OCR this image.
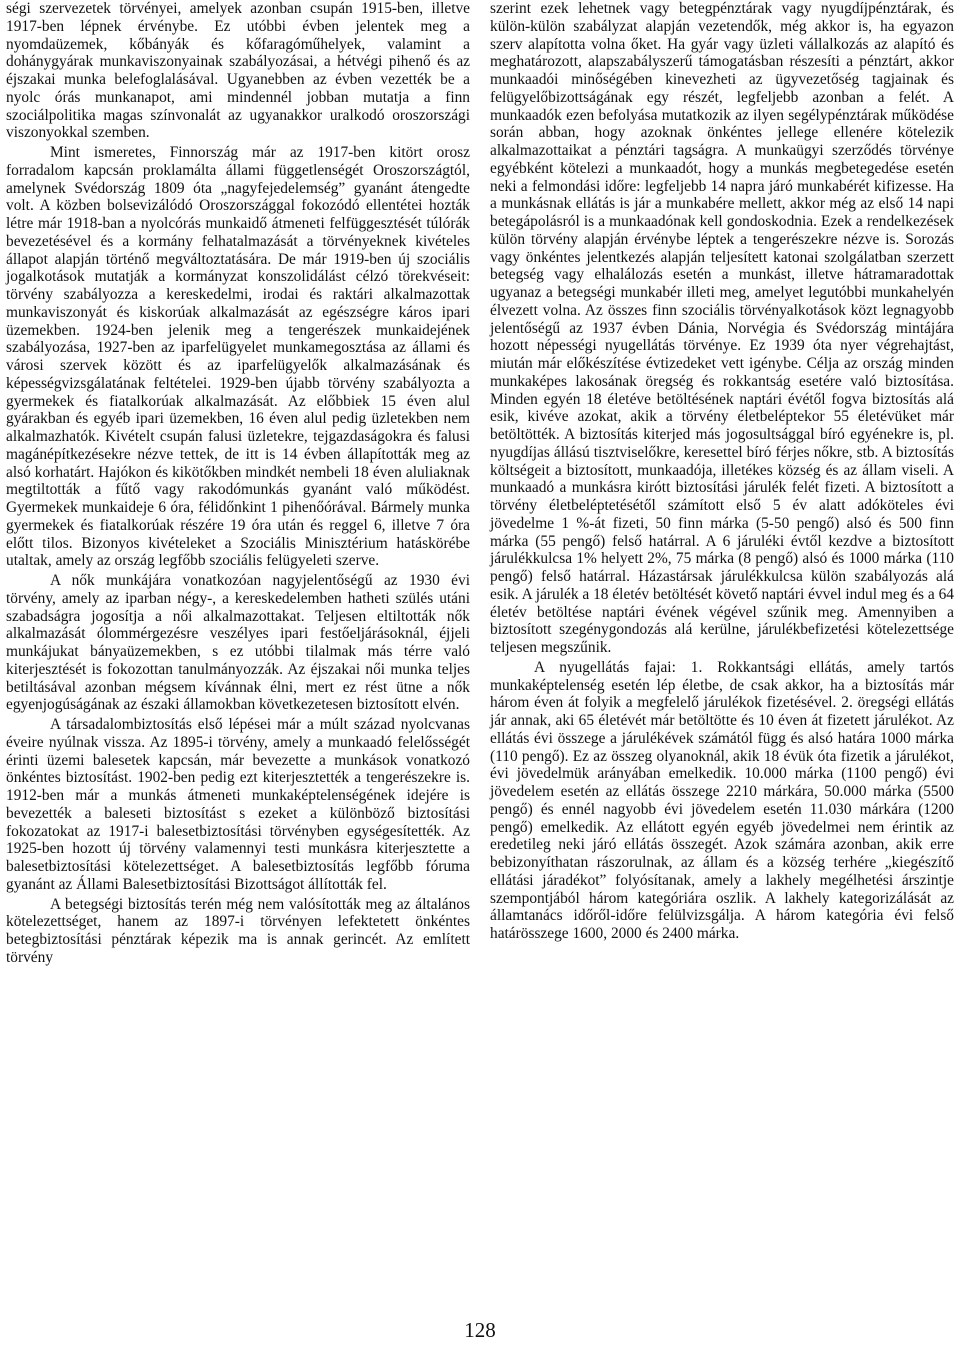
ségi szervezetek törvényei, amelyek azonban csupán 1915-ben, illetve 1917-ben lépnek érvénybe. Ez utóbbi évben jelentek meg a nyomdaüzemek, kőbányák és kőfaragóműhelyek, valamint a dohánygyárak munkaviszonyainak szabályozásai, a hétvégi pihenő és az éjszakai munka belefoglalásával. Ugyanebben az évben vezették be a nyolc órás munkanapot, ami mindennél jobban mutatja a finn szociálpolitika magas színvonalát az ugyanakkor uralkodó oroszországi viszonyokkal szemben.

Mint ismeretes, Finnország már az 1917-ben kitört orosz forradalom kapcsán proklamálta állami függetlenségét Oroszországtól, amelynek Svédország 1809 óta „nagyfejedelemség” gyanánt átengedte volt. A közben bolsevizálódó Oroszországgal fokozódó ellentétei hozták létre már 1918-ban a nyolcórás munkaidő átmeneti felfüggesztését túlórák bevezetésével és a kormány felhatalmazását a törvényeknek kivételes állapot alapján történő megváltoztatására. De már 1919-ben új szociális jogalkotások mutatják a kormányzat konszolidálást célzó törekvéseit: törvény szabályozza a kereskedelmi, irodai és raktári alkalmazottak munkaviszonyát és kiskorúak alkalmazását az egészségre káros ipari üzemekben. 1924-ben jelenik meg a tengerészek munkaidejének szabályozása, 1927-ben az iparfelügyelet munkamegosztása az állami és városi szervek között és az iparfelügyelők alkalmazásának és képességvizsgálatának feltételei. 1929-ben újabb törvény szabályozta a gyermekek és fiatalkorúak alkalmazását. Az előbbiek 15 éven alul gyárakban és egyéb ipari üzemekben, 16 éven alul pedig üzletekben nem alkalmazhatók. Kivételt csupán falusi üzletekre, tejgazdaságokra és falusi magánépítkezésekre nézve tettek, de itt is 14 évben állapították meg az alsó korhatárt. Hajókon és kikötőkben mindkét nembeli 18 éven aluliaknak megtiltották a fűtő vagy rakodómunkás gyanánt való működést. Gyermekek munkaideje 6 óra, félidőnkint 1 pihenőórával. Bármely munka gyermekek és fiatalkorúak részére 19 óra után és reggel 6, illetve 7 óra előtt tilos. Bizonyos kivételeket a Szociális Minisztérium hatáskörébe utaltak, amely az ország legfőbb szociális felügyeleti szerve.

A nők munkájára vonatkozóan nagyjelentőségű az 1930 évi törvény, amely az iparban négy-, a kereskedelemben hatheti szülés utáni szabadságra jogosítja a női alkalmazottakat. Teljesen eltiltották nők alkalmazását ólommérgezésre veszélyes ipari festőeljárásoknál, éjjeli munkájukat bányaüzemekben, s ez utóbbi tilalmak más térre való kiterjesztését is fokozottan tanulmányozzák. Az éjszakai női munka teljes betiltásával azonban mégsem kívánnak élni, mert ez rést ütne a nők egyenjogúságának az északi államokban következetesen biztosított elvén.

A társadalombiztosítás első lépései már a múlt század nyolcvanas éveire nyúlnak vissza. Az 1895-i törvény, amely a munkaadó felelősségét érinti üzemi balesetek kapcsán, már bevezette a munkások vonatkozó önkéntes biztosítást. 1902-ben pedig ezt kiterjesztették a tengerészekre is. 1912-ben már a munkás átmeneti munkaképtelenségének idejére is bevezették a baleseti biztosítást s ezeket a különböző biztosítási fokozatokat az 1917-i balesetbiztosítási törvényben egységesítették. Az 1925-ben hozott új törvény valamennyi testi munkásra kiterjesztette a balesetbiztosítási kötelezettséget. A balesetbiztosítás legfőbb fóruma gyanánt az Állami Balesetbiztosítási Bizottságot állították fel.

A betegségi biztosítás terén még nem valósították meg az általános kötelezettséget, hanem az 1897-i törvényen lefektetett önkéntes betegbiztosítási pénztárak képezik ma is annak gerincét. Az említett törvény

szerint ezek lehetnek vagy betegpénztárak vagy nyugdíjpénztárak, és külön-külön szabályzat alapján vezetendők, még akkor is, ha egyazon szerv alapította volna őket. Ha gyár vagy üzleti vállalkozás az alapító és meghatározott, alapszabályszerű támogatásban részesíti a pénztárt, akkor munkaadói minőségében kinevezheti az ügyvezetőség tagjainak és felügyelőbizottságának egy részét, legfeljebb azonban a felét. A munkaadók ezen befolyása mutatkozik az ilyen segélypénztárak működése során abban, hogy azoknak önkéntes jellege ellenére kötelezik alkalmazottaikat a pénztári tagságra. A munkaügyi szerződés törvénye egyébként kötelezi a munkaadót, hogy a munkás megbetegedése esetén neki a felmondási időre: legfeljebb 14 napra járó munkabérét kifizesse. Ha a munkásnak ellátás is jár a munkabére mellett, akkor még az első 14 napi betegápolásról is a munkaadónak kell gondoskodnia. Ezek a rendelkezések külön törvény alapján érvénybe léptek a tengerészekre nézve is. Sorozás vagy önkéntes jelentkezés alapján teljesített katonai szolgálatban szerzett betegség vagy elhalálozás esetén a munkást, illetve hátramaradottak ugyanaz a betegségi munkabér illeti meg, amelyet legutóbbi munkahelyén élvezett volna. Az összes finn szociális törvényalkotások közt legnagyobb jelentőségű az 1937 évben Dánia, Norvégia és Svédország mintájára hozott népességi nyugellátás törvénye. Ez 1939 óta nyer végrehajtást, miután már előkészítése évtizedeket vett igénybe. Célja az ország minden munkaképes lakosának öregség és rokkantság esetére való biztosítása. Minden egyén 18 életéve betöltésének naptári évétől fogva biztosítás alá esik, kivéve azokat, akik a törvény életbeléptekor 55 életévüket már betöltötték. A biztosítás kiterjed más jogosultsággal bíró egyénekre is, pl. nyugdíjas állású tisztviselőkre, keresettel bíró férjes nőkre, stb. A biztosítás költségeit a biztosított, munkaadója, illetékes község és az állam viseli. A munkaadó a munkásra kirótt biztosítási járulék felét fizeti. A biztosított a törvény életbeléptetésétől számított első 5 év alatt adóköteles évi jövedelme 1 %-át fizeti, 50 finn márka (5-50 pengő) alsó és 500 finn márka (55 pengő) felső határral. A 6 járuléki évtől kezdve a biztosított járulékkulcsa 1% helyett 2%, 75 márka (8 pengő) alsó és 1000 márka (110 pengő) felső határral. Házastársak járulékkulcsa külön szabályozás alá esik. A járulék a 18 életév betöltését követő naptári évvel indul meg és a 64 életév betöltése naptári évének végével szűnik meg. Amennyiben a biztosított szegénygondozás alá kerülne, járulékbefizetési kötelezettsége teljesen megszűnik.

A nyugellátás fajai: 1. Rokkantsági ellátás, amely tartós munkaképtelenség esetén lép életbe, de csak akkor, ha a biztosítás már három éven át folyik a megfelelő járulékok fizetésével. 2. öregségi ellátás jár annak, aki 65 életévét már betöltötte és 10 éven át fizetett járulékot. Az ellátás évi összege a járulékévek számától függ és alsó határa 1000 márka (110 pengő). Ez az összeg olyanoknál, akik 18 évük óta fizetik a járulékot, évi jövedelmük arányában emelkedik. 10.000 márka (1100 pengő) évi jövedelem esetén az ellátás összege 2210 márkára, 50.000 márka (5500 pengő) és ennél nagyobb évi jövedelem esetén 11.030 márkára (1200 pengő) emelkedik. Az ellátott egyén egyéb jövedelmei nem érintik az eredetileg neki járó ellátás összegét. Azok számára azonban, akik erre bebizonyíthatan rászorulnak, az állam és a község terhére „kiegészítő ellátási járadékot” folyósítanak, amely a lakhely megélhetési árszintje szempontjából három kategóriára oszlik. A lakhely kategorizálását az államtanács időről-időre felülvizsgálja. A három kategória évi felső határösszege 1600, 2000 és 2400 márka.

128
